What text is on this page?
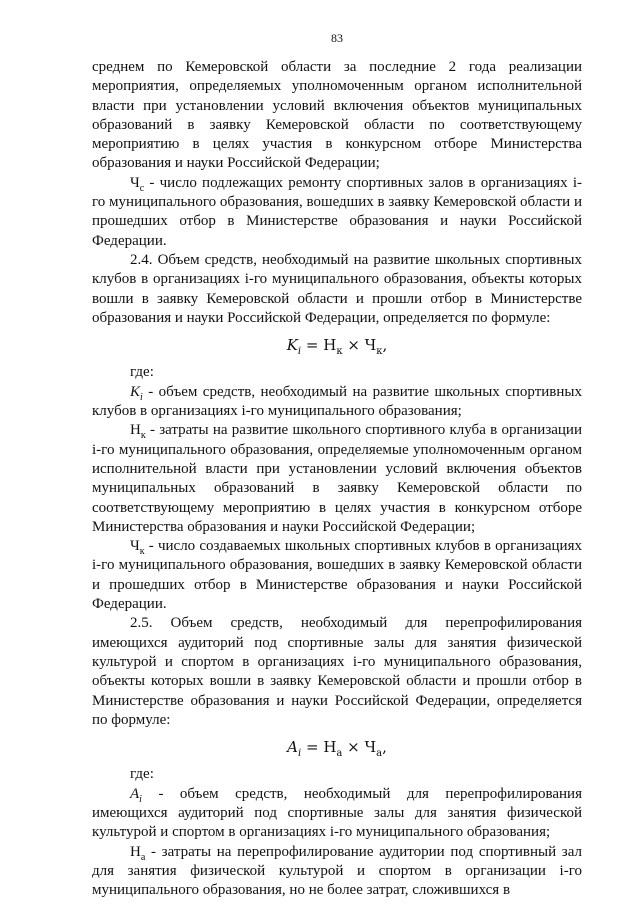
83

среднем по Кемеровской области за последние 2 года реализации мероприятия, определяемых уполномоченным органом исполнительной власти при установлении условий включения объектов муниципальных образований в заявку Кемеровской области по соответствующему мероприятию в целях участия в конкурсном отборе Министерства образования и науки Российской Федерации;

$Ч_с$ - число подлежащих ремонту спортивных залов в организациях i-го муниципального образования, вошедших в заявку Кемеровской области и прошедших отбор в Министерстве образования и науки Российской Федерации.

2.4. Объем средств, необходимый на развитие школьных спортивных клубов в организациях i-го муниципального образования, объекты которых вошли в заявку Кемеровской области и прошли отбор в Министерстве образования и науки Российской Федерации, определяется по формуле:

$K_i = Н_к \times Ч_к$,

где:

$K_i$ - объем средств, необходимый на развитие школьных спортивных клубов в организациях i-го муниципального образования;

$Н_к$ - затраты на развитие школьного спортивного клуба в организации i-го муниципального образования, определяемые уполномоченным органом исполнительной власти при установлении условий включения объектов муниципальных образований в заявку Кемеровской области по соответствующему мероприятию в целях участия в конкурсном отборе Министерства образования и науки Российской Федерации;

$Ч_к$ - число создаваемых школьных спортивных клубов в организациях i-го муниципального образования, вошедших в заявку Кемеровской области и прошедших отбор в Министерстве образования и науки Российской Федерации.

2.5. Объем средств, необходимый для перепрофилирования имеющихся аудиторий под спортивные залы для занятия физической культурой и спортом в организациях i-го муниципального образования, объекты которых вошли в заявку Кемеровской области и прошли отбор в Министерстве образования и науки Российской Федерации, определяется по формуле:

$A_i = Н_а \times Ч_а$,

где:

$A_i$ - объем средств, необходимый для перепрофилирования имеющихся аудиторий под спортивные залы для занятия физической культурой и спортом в организациях i-го муниципального образования;

$Н_а$ - затраты на перепрофилирование аудитории под спортивный зал для занятия физической культурой и спортом в организации i-го муниципального образования, но не более затрат, сложившихся в
